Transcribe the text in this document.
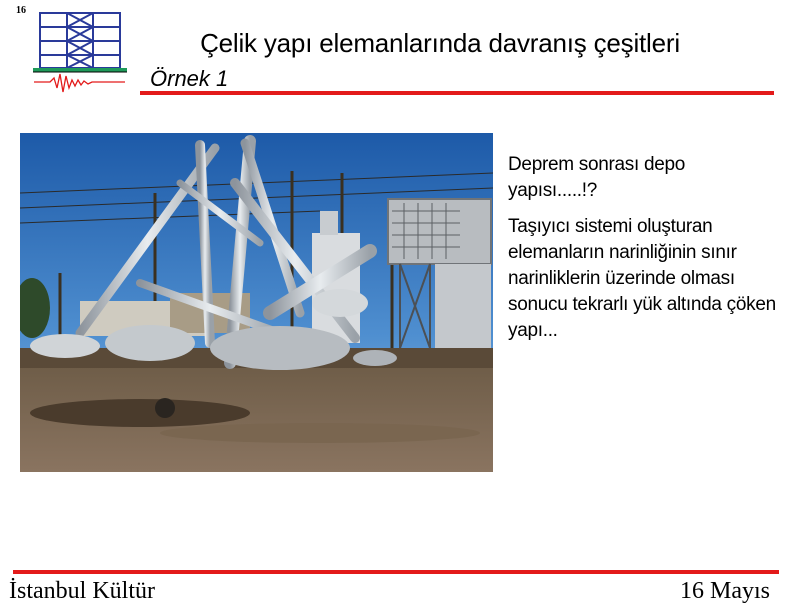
16
Çelik yapı elemanlarında davranış çeşitleri
Örnek 1

Deprem sonrası depo yapısı.....!?

Taşıyıcı sistemi oluşturan elemanların narinliğinin sınır narinliklerin üzerinde olması sonucu tekrarlı yük altında çöken yapı...

İstanbul Kültür	16 Mayıs
